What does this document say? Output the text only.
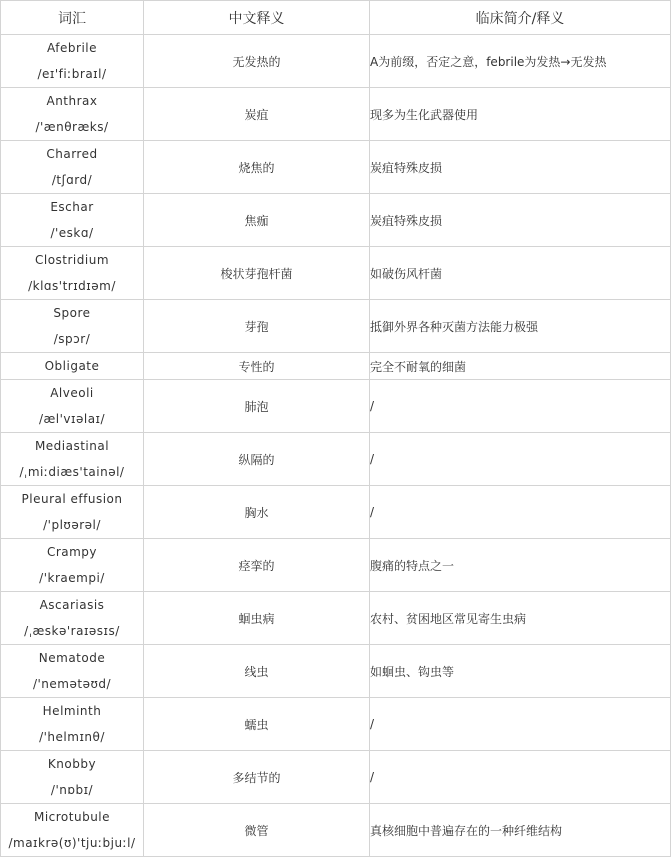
词汇	中文释义	临床简介/释义

Afebrile
/eɪ'fiːbraɪl/	无发热的	A为前缀，否定之意，febrile为发热→无发热

Anthrax
/'ænθræks/	炭疽	现多为生化武器使用

Charred
/tʃɑrd/	烧焦的	炭疽特殊皮损

Eschar
/'eskɑ/	焦痂	炭疽特殊皮损

Clostridium
/klɑs'trɪdɪəm/	梭状芽孢杆菌	如破伤风杆菌

Spore
/spɔr/	芽孢	抵御外界各种灭菌方法能力极强

Obligate	专性的	完全不耐氧的细菌

Alveoli
/æl'vɪəlaɪ/	肺泡	/

Mediastinal
/ˌmiːdiæs'tainəl/	纵隔的	/

Pleural effusion
/'plʊərəl/	胸水	/

Crampy
/'kraempi/	痉挛的	腹痛的特点之一

Ascariasis
/ˌæskə'raɪəsɪs/	蛔虫病	农村、贫困地区常见寄生虫病

Nematode
/'nemətəʊd/	线虫	如蛔虫、钩虫等

Helminth
/'helmɪnθ/	蠕虫	/

Knobby
/'nɒbɪ/	多结节的	/

Microtubule
/maɪkrə(ʊ)'tjuːbjuːl/	微管	真核细胞中普遍存在的一种纤维结构
